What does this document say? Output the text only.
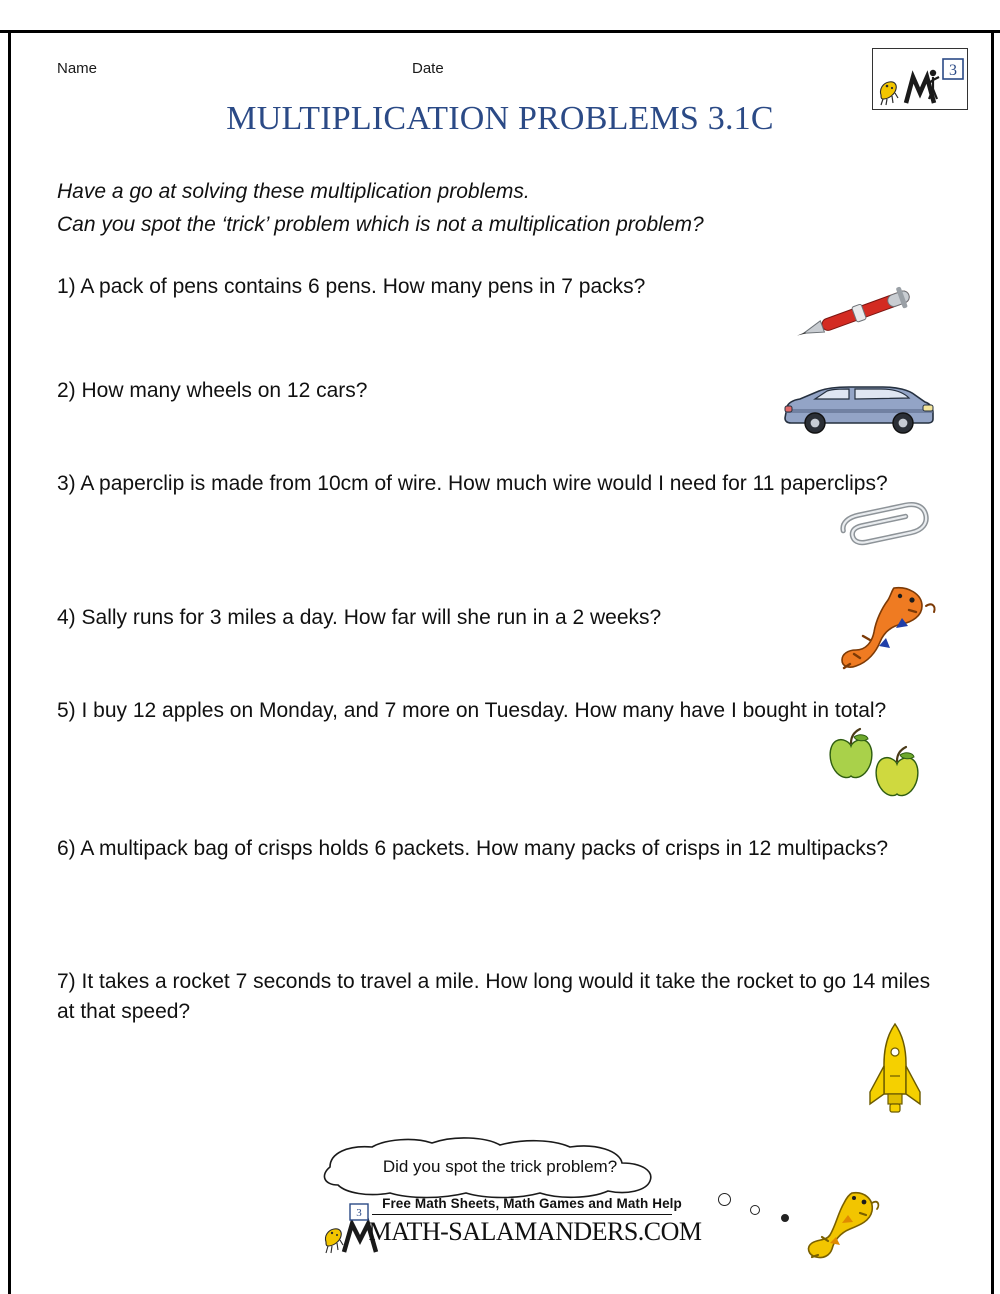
Name	Date
MULTIPLICATION PROBLEMS 3.1C
3
Have a go at solving these multiplication problems.
Can you spot the ‘trick’ problem which is not a multiplication problem?
1) A pack of pens contains 6 pens. How many pens in 7 packs?
2) How many wheels on 12 cars?
3) A paperclip is made from 10cm of wire. How much wire would I need for 11 paperclips?
4) Sally runs for 3 miles a day. How far will she run in a 2 weeks?
5) I buy 12 apples on Monday, and 7 more on Tuesday. How many have I bought in total?
6) A multipack bag of crisps holds 6 packets. How many packs of crisps in 12 multipacks?
7) It takes a rocket 7 seconds to travel a mile. How long would it take the rocket to go 14 miles at that speed?
Did you spot the trick problem?
3
Free Math Sheets, Math Games and Math Help
MATH-SALAMANDERS.COM
